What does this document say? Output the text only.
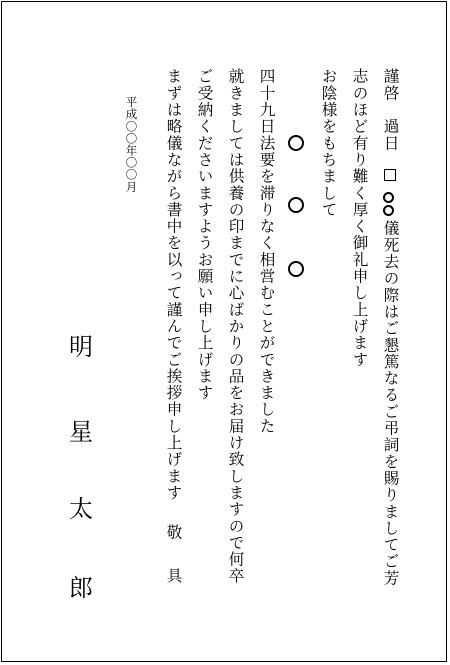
謹啓　過日
儀死去の際はご懇篤なるご弔詞を賜りましてご芳
志のほど有り難く厚く御礼申し上げます
お陰様をもちまして
四十九日法要を滞りなく相営むことができました
就きましては供養の印までに心ばかりの品をお届け致しますので何卒
ご受納くださいますようお願い申し上げます
まずは略儀ながら書中を以って謹んでご挨拶申し上げます
敬　具
平成〇〇年〇〇月
明
星
太
郎
